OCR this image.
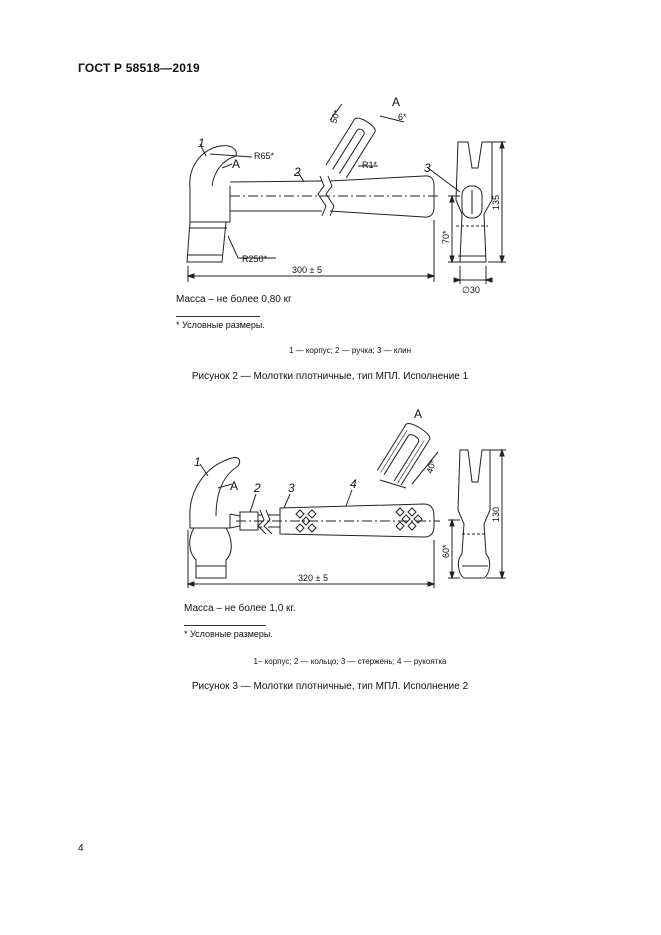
ГОСТ Р 58518—2019
1
2	3
A
A
R65*
R250*
R1*
6*
50*
300 ± 5
135
70*
∅30
1
2 3	4
A
A
40*
320 ± 5
130
60*
Масса – не более 0,80 кг
* Условные размеры.
1 — корпус; 2 — ручка; 3 — клин
Рисунок 2 — Молотки плотничные, тип МПЛ. Исполнение 1
Масса – не более 1,0 кг.
* Условные размеры.
1– корпус; 2 — кольцо; 3 — стержень; 4 — рукоятка
Рисунок 3 — Молотки плотничные, тип МПЛ. Исполнение 2
4
